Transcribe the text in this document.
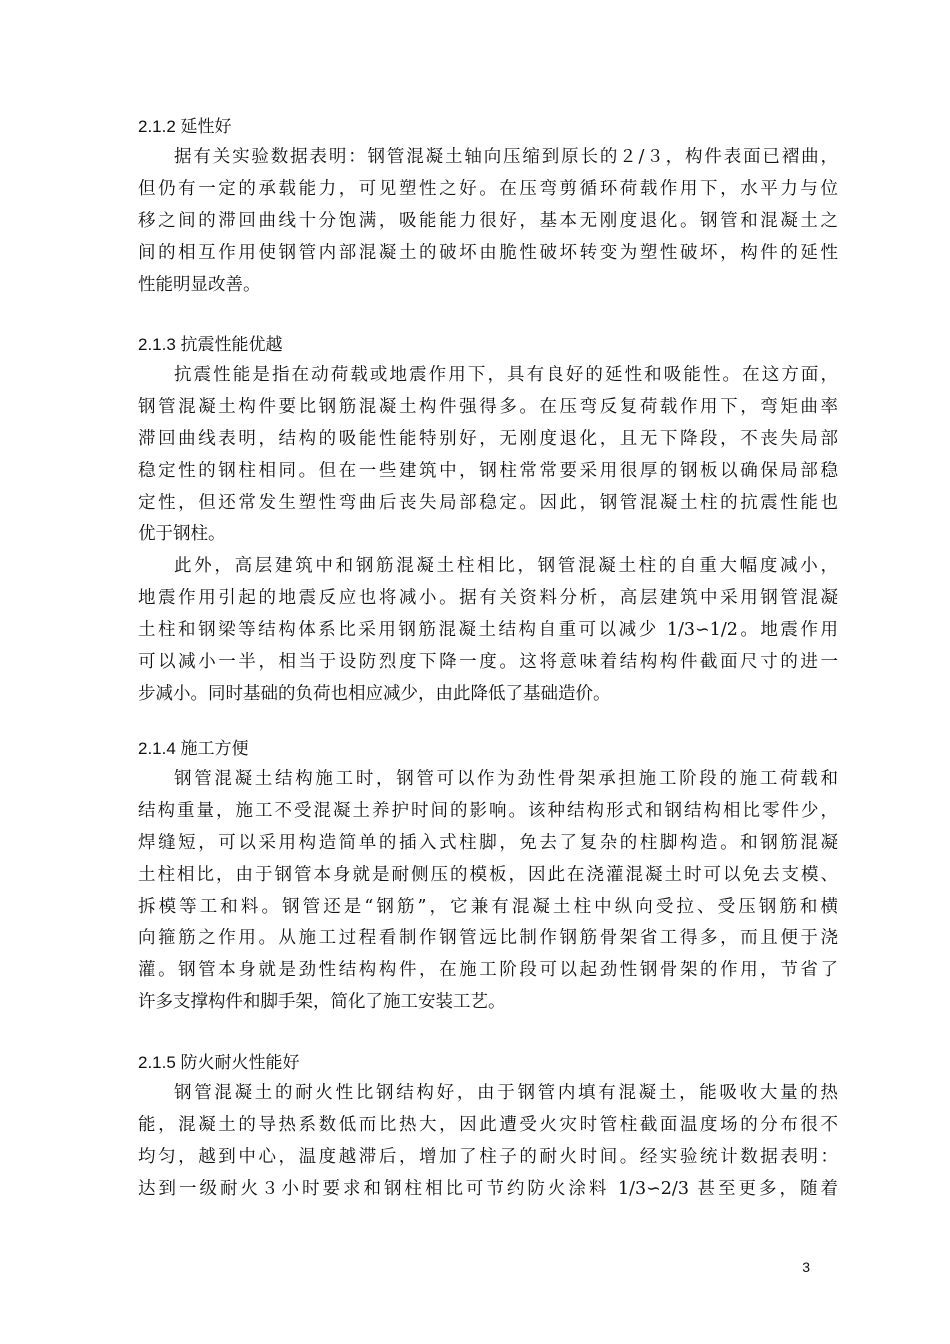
2.1.2 延性好
据有关实验数据表明：钢管混凝土轴向压缩到原长的２/３，构件表面已褶曲，
但仍有一定的承载能力，可见塑性之好。在压弯剪循环荷载作用下，水平力与位
移之间的滞回曲线十分饱满，吸能能力很好，基本无刚度退化。钢管和混凝土之
间的相互作用使钢管内部混凝土的破坏由脆性破坏转变为塑性破坏，构件的延性
性能明显改善。
2.1.3 抗震性能优越
抗震性能是指在动荷载或地震作用下，具有良好的延性和吸能性。在这方面，
钢管混凝土构件要比钢筋混凝土构件强得多。在压弯反复荷载作用下，弯矩曲率
滞回曲线表明，结构的吸能性能特别好，无刚度退化，且无下降段，不丧失局部
稳定性的钢柱相同。但在一些建筑中，钢柱常常要采用很厚的钢板以确保局部稳
定性，但还常发生塑性弯曲后丧失局部稳定。因此，钢管混凝土柱的抗震性能也
优于钢柱。
此外，高层建筑中和钢筋混凝土柱相比，钢管混凝土柱的自重大幅度减小，
地震作用引起的地震反应也将减小。据有关资料分析，高层建筑中采用钢管混凝
土柱和钢梁等结构体系比采用钢筋混凝土结构自重可以减少 1/3∽1/2。地震作用
可以减小一半，相当于设防烈度下降一度。这将意味着结构构件截面尺寸的进一
步减小。同时基础的负荷也相应减少，由此降低了基础造价。
2.1.4 施工方便
钢管混凝土结构施工时，钢管可以作为劲性骨架承担施工阶段的施工荷载和
结构重量，施工不受混凝土养护时间的影响。该种结构形式和钢结构相比零件少，
焊缝短，可以采用构造简单的插入式柱脚，免去了复杂的柱脚构造。和钢筋混凝
土柱相比，由于钢管本身就是耐侧压的模板，因此在浇灌混凝土时可以免去支模、
拆模等工和料。钢管还是“钢筋”，它兼有混凝土柱中纵向受拉、受压钢筋和横
向箍筋之作用。从施工过程看制作钢管远比制作钢筋骨架省工得多，而且便于浇
灌。钢管本身就是劲性结构构件，在施工阶段可以起劲性钢骨架的作用，节省了
许多支撑构件和脚手架，简化了施工安装工艺。
2.1.5 防火耐火性能好
钢管混凝土的耐火性比钢结构好，由于钢管内填有混凝土，能吸收大量的热
能，混凝土的导热系数低而比热大，因此遭受火灾时管柱截面温度场的分布很不
均匀，越到中心，温度越滞后，增加了柱子的耐火时间。经实验统计数据表明：
达到一级耐火３小时要求和钢柱相比可节约防火涂料 1/3∽2/3 甚至更多，随着
3
